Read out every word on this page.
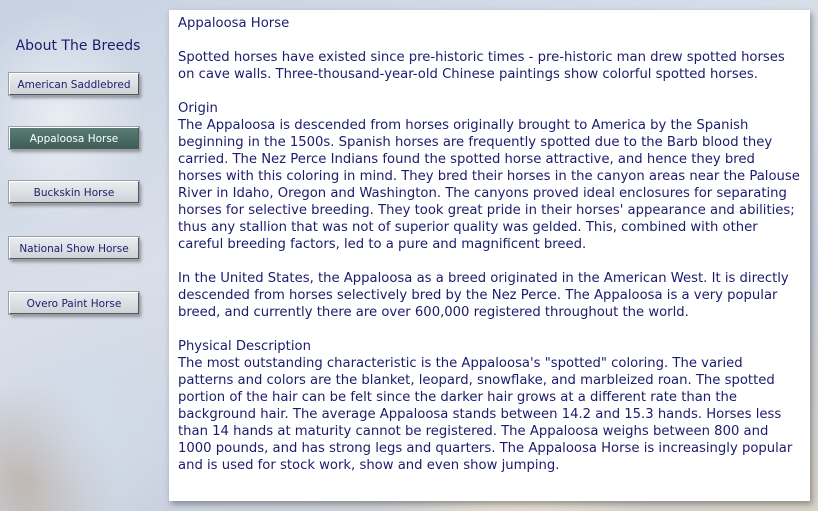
About The Breeds
American Saddlebred
Appaloosa Horse
Buckskin Horse
National Show Horse
Overo Paint Horse

Appaloosa Horse

Spotted horses have existed since pre-historic times - pre-historic man drew spotted horses on cave walls. Three-thousand-year-old Chinese paintings show colorful spotted horses.

Origin
The Appaloosa is descended from horses originally brought to America by the Spanish beginning in the 1500s. Spanish horses are frequently spotted due to the Barb blood they carried. The Nez Perce Indians found the spotted horse attractive, and hence they bred horses with this coloring in mind. They bred their horses in the canyon areas near the Palouse River in Idaho, Oregon and Washington. The canyons proved ideal enclosures for separating horses for selective breeding. They took great pride in their horses' appearance and abilities; thus any stallion that was not of superior quality was gelded. This, combined with other careful breeding factors, led to a pure and magnificent breed.

In the United States, the Appaloosa as a breed originated in the American West. It is directly descended from horses selectively bred by the Nez Perce. The Appaloosa is a very popular breed, and currently there are over 600,000 registered throughout the world.

Physical Description
The most outstanding characteristic is the Appaloosa's "spotted" coloring. The varied patterns and colors are the blanket, leopard, snowflake, and marbleized roan. The spotted portion of the hair can be felt since the darker hair grows at a different rate than the background hair. The average Appaloosa stands between 14.2 and 15.3 hands. Horses less than 14 hands at maturity cannot be registered. The Appaloosa weighs between 800 and 1000 pounds, and has strong legs and quarters. The Appaloosa Horse is increasingly popular and is used for stock work, show and even show jumping.
